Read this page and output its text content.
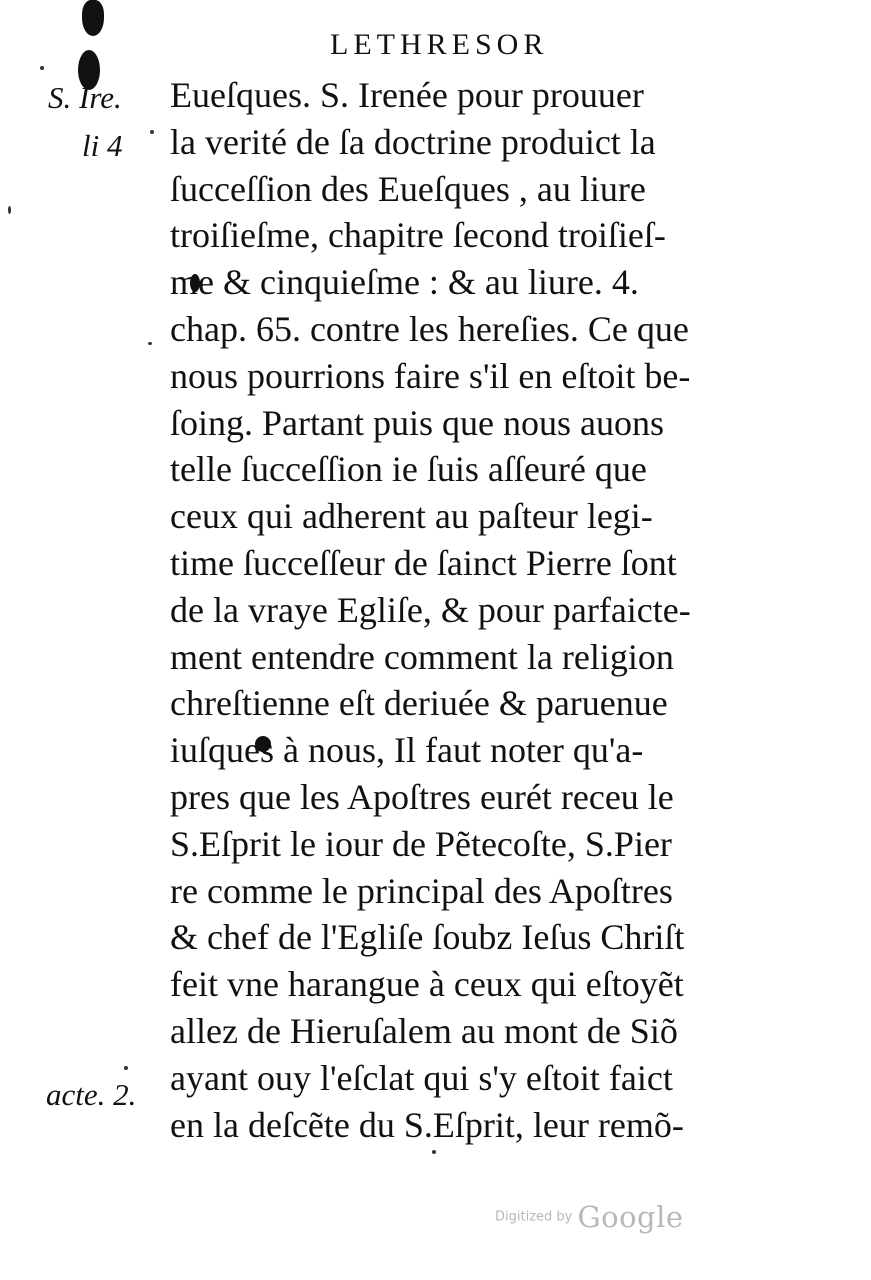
LETHRESOR
S. Ire.
li 4
acte. 2.
Eueſques. S. Irenée pour prouuer
la verité de ſa doctrine produict la
ſucceſſion des Eueſques , au liure
troiſieſme, chapitre ſecond troiſieſ-
me & cinquieſme : & au liure. 4.
chap. 65. contre les hereſies. Ce que
nous pourrions faire s'il en eſtoit be-
ſoing. Partant puis que nous auons
telle ſucceſſion ie ſuis aſſeuré que
ceux qui adherent au paſteur legi-
time ſucceſſeur de ſainct Pierre ſont
de la vraye Egliſe, & pour parfaicte-
ment entendre comment la religion
chreſtienne eſt deriuée & paruenue
iuſques à nous, Il faut noter qu'a-
pres que les Apoſtres eurét receu le
S.Eſprit le iour de Pẽtecoſte, S.Pier
re comme le principal des Apoſtres
& chef de l'Egliſe ſoubz Ieſus Chriſt
feit vne harangue à ceux qui eſtoyẽt
allez de Hieruſalem au mont de Siõ
ayant ouy l'eſclat qui s'y eſtoit faict
en la deſcẽte du S.Eſprit, leur remõ-
Digitized by Google
